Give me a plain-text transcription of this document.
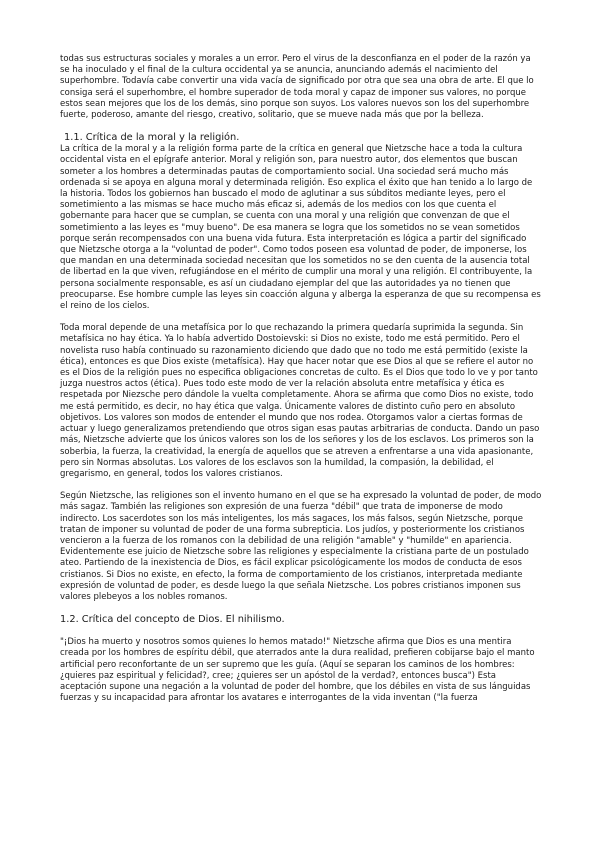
todas sus estructuras sociales y morales a un error. Pero el virus de la desconfianza en el poder de la razón ya se ha inoculado y el final de la cultura occidental ya se anuncia, anunciando además el nacimiento del superhombre. Todavía cabe convertir una vida vacía de significado por otra que sea una obra de arte. El que lo consiga será el superhombre, el hombre superador de toda moral y capaz de imponer sus valores, no porque estos sean mejores que los de los demás, sino porque son suyos. Los valores nuevos son los del superhombre fuerte, poderoso, amante del riesgo, creativo, solitario, que se mueve nada más que por la belleza.

1.1. Crítica de la moral y la religión.

La crítica de la moral y a la religión forma parte de la crítica en general que Nietzsche hace a toda la cultura occidental vista en el epígrafe anterior. Moral y religión son, para nuestro autor, dos elementos que buscan someter a los hombres a determinadas pautas de comportamiento social. Una sociedad será mucho más ordenada si se apoya en alguna moral y determinada religión. Eso explica el éxito que han tenido a lo largo de la historia. Todos los gobiernos han buscado el modo de aglutinar a sus súbditos mediante leyes, pero el sometimiento a las mismas se hace mucho más eficaz si, además de los medios con los que cuenta el gobernante para hacer que se cumplan, se cuenta con una moral y una religión que convenzan de que el sometimiento a las leyes es "muy bueno". De esa manera se logra que los sometidos no se vean sometidos porque serán recompensados con una buena vida futura. Esta interpretación es lógica a partir del significado que Nietzsche otorga a la "voluntad de poder". Como todos poseen esa voluntad de poder, de imponerse, los que mandan en una determinada sociedad necesitan que los sometidos no se den cuenta de la ausencia total de libertad en la que viven, refugiándose en el mérito de cumplir una moral y una religión. El contribuyente, la persona socialmente responsable, es así un ciudadano ejemplar del que las autoridades ya no tienen que preocuparse. Ese hombre cumple las leyes sin coacción alguna y alberga la esperanza de que su recompensa es el reino de los cielos.

Toda moral depende de una metafísica por lo que rechazando la primera quedaría suprimida la segunda. Sin metafísica no hay ética. Ya lo había advertido Dostoievski: si Dios no existe, todo me está permitido. Pero el novelista ruso había continuado su razonamiento diciendo que dado que no todo me está permitido (existe la ética), entonces es que Dios existe (metafísica). Hay que hacer notar que ese Dios al que se refiere el autor no es el Dios de la religión pues no especifica obligaciones concretas de culto. Es el Dios que todo lo ve y por tanto juzga nuestros actos (ética). Pues todo este modo de ver la relación absoluta entre metafísica y ética es respetada por Niezsche pero dándole la vuelta completamente. Ahora se afirma que como Dios no existe, todo me está permitido, es decir, no hay ética que valga. Únicamente valores de distinto cuño pero en absoluto objetivos. Los valores son modos de entender el mundo que nos rodea. Otorgamos valor a ciertas formas de actuar y luego generalizamos pretendiendo que otros sigan esas pautas arbitrarias de conducta. Dando un paso más, Nietzsche advierte que los únicos valores son los de los señores y los de los esclavos. Los primeros son la soberbia, la fuerza, la creatividad, la energía de aquellos que se atreven a enfrentarse a una vida apasionante, pero sin Normas absolutas. Los valores de los esclavos son la humildad, la compasión, la debilidad, el gregarismo, en general, todos los valores cristianos.

Según Nietzsche, las religiones son el invento humano en el que se ha expresado la voluntad de poder, de modo más sagaz. También las religiones son expresión de una fuerza "débil" que trata de imponerse de modo indirecto. Los sacerdotes son los más inteligentes, los más sagaces, los más falsos, según Nietzsche, porque tratan de imponer su voluntad de poder de una forma subrepticia. Los judíos, y posteriormente los cristianos vencieron a la fuerza de los romanos con la debilidad de una religión "amable" y "humilde" en apariencia. Evidentemente ese juicio de Nietzsche sobre las religiones y especialmente la cristiana parte de un postulado ateo. Partiendo de la inexistencia de Dios, es fácil explicar psicológicamente los modos de conducta de esos cristianos. Si Dios no existe, en efecto, la forma de comportamiento de los cristianos, interpretada mediante expresión de voluntad de poder, es desde luego la que señala Nietzsche. Los pobres cristianos imponen sus valores plebeyos a los nobles romanos.

1.2. Crítica del concepto de Dios. El nihilismo.

"¡Dios ha muerto y nosotros somos quienes lo hemos matado!" Nietzsche afirma que Dios es una mentira creada por los hombres de espíritu débil, que aterrados ante la dura realidad, prefieren cobijarse bajo el manto artificial pero reconfortante de un ser supremo que les guía. (Aquí se separan los caminos de los hombres: ¿quieres paz espiritual y felicidad?, cree; ¿quieres ser un apóstol de la verdad?, entonces busca") Esta aceptación supone una negación a la voluntad de poder del hombre, que los débiles en vista de sus lánguidas fuerzas y su incapacidad para afrontar los avatares e interrogantes de la vida inventan ("la fuerza
